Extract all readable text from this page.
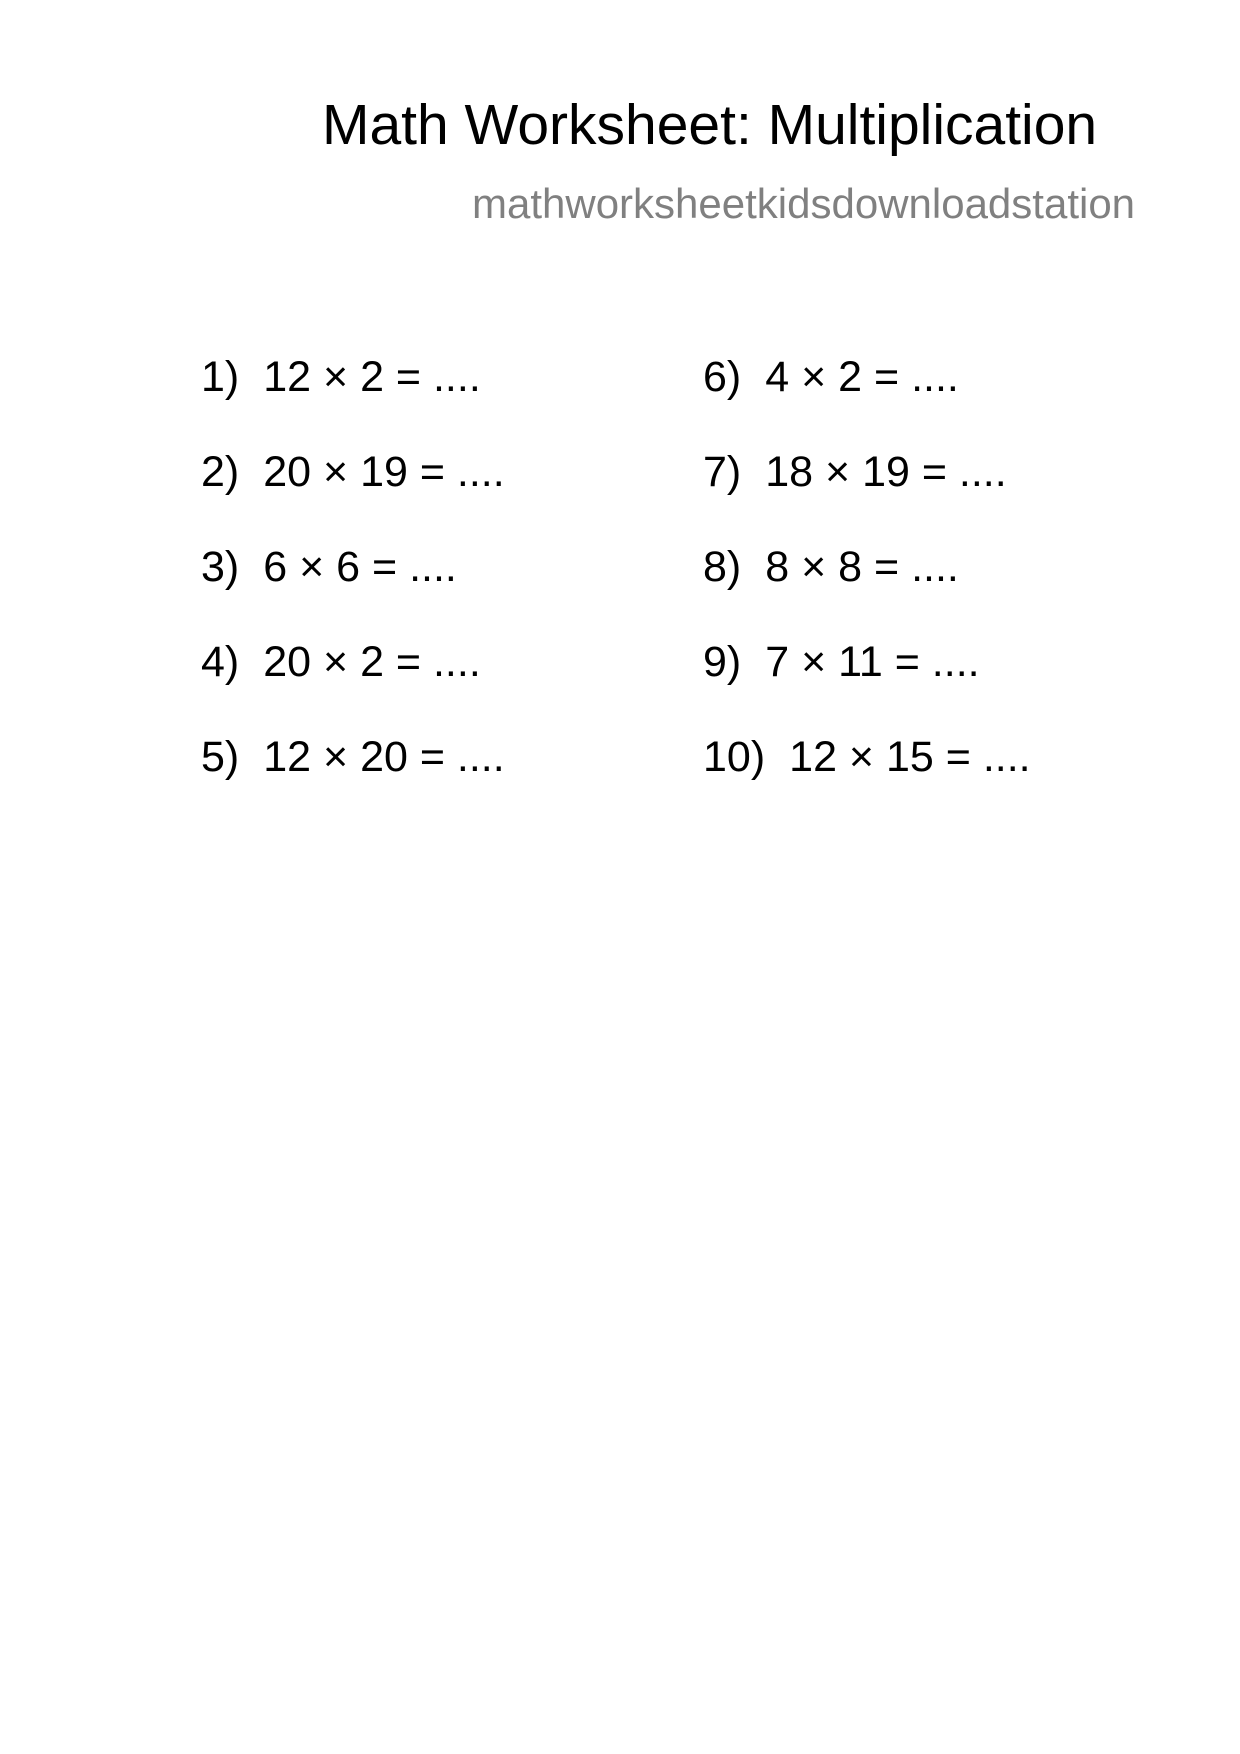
Math Worksheet: Multiplication
mathworksheetkidsdownloadstation
1) 12 × 2 = ....
2) 20 × 19 = ....
3) 6 × 6 = ....
4) 20 × 2 = ....
5) 12 × 20 = ....
6) 4 × 2 = ....
7) 18 × 19 = ....
8) 8 × 8 = ....
9) 7 × 11 = ....
10) 12 × 15 = ....
